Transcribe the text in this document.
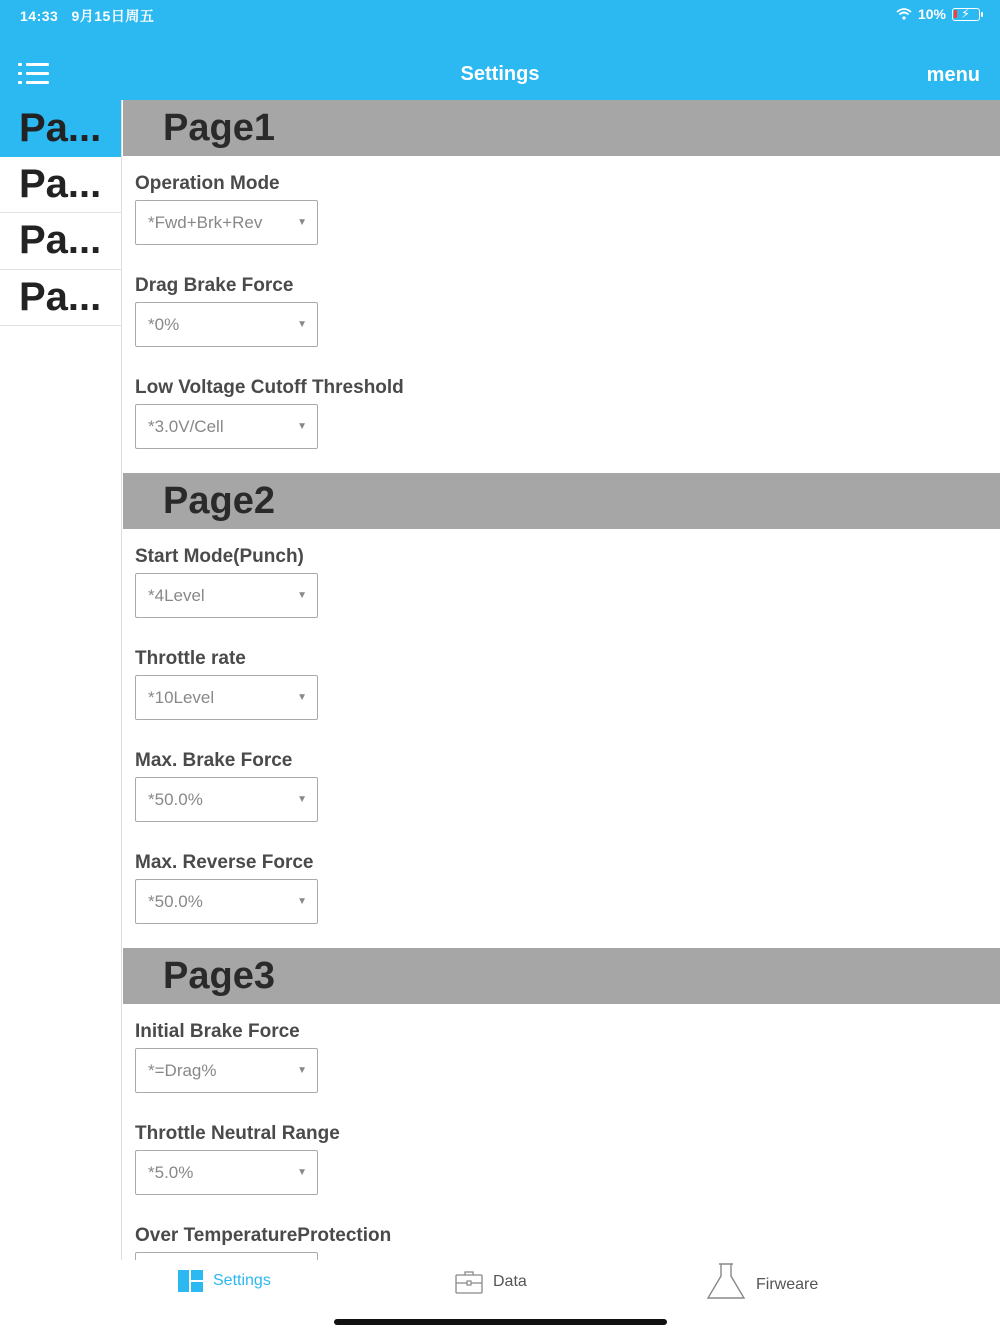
14:33 9月15日周五	10% ⚡
Settings	menu
Pa...
Pa...
Pa...
Pa...
Page1
Operation Mode
*Fwd+Brk+Rev	▼
Drag Brake Force
*0%	▼
Low Voltage Cutoff Threshold
*3.0V/Cell	▼
Page2
Start Mode(Punch)
*4Level	▼
Throttle rate
*10Level	▼
Max. Brake Force
*50.0%	▼
Max. Reverse Force
*50.0%	▼
Page3
Initial Brake Force
*=Drag%	▼
Throttle Neutral Range
*5.0%	▼
Over TemperatureProtection
Settings	Data	Firweare
